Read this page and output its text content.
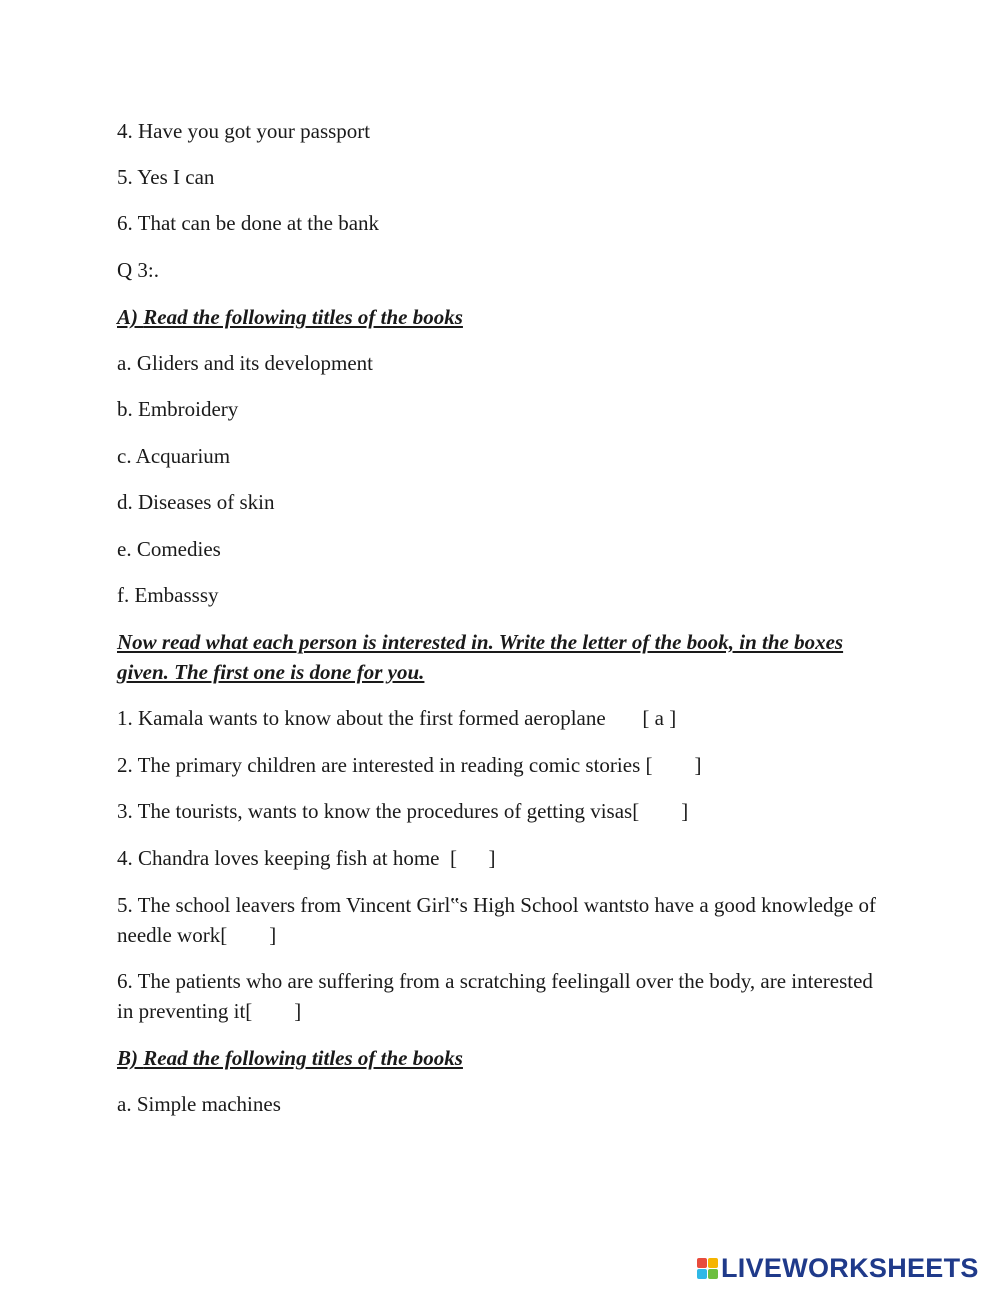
4. Have you got your passport
5. Yes I can
6. That can be done at the bank
Q 3:.
A) Read the following titles of the books
a. Gliders and its development
b. Embroidery
c. Acquarium
d. Diseases of skin
e. Comedies
f. Embasssy
Now read what each person is interested in. Write the letter of the book, in the boxes given. The first one is done for you.
1. Kamala wants to know about the first formed aeroplane       [ a ]
2. The primary children are interested in reading comic stories [        ]
3. The tourists, wants to know the procedures of getting visas[        ]
4. Chandra loves keeping fish at home  [      ]
5. The school leavers from Vincent Girl‟s High School wantsto have a good knowledge of needle work[        ]
6. The patients who are suffering from a scratching feelingall over the body, are interested in preventing it[        ]
B) Read the following titles of the books
a. Simple machines
LIVEWORKSHEETS
